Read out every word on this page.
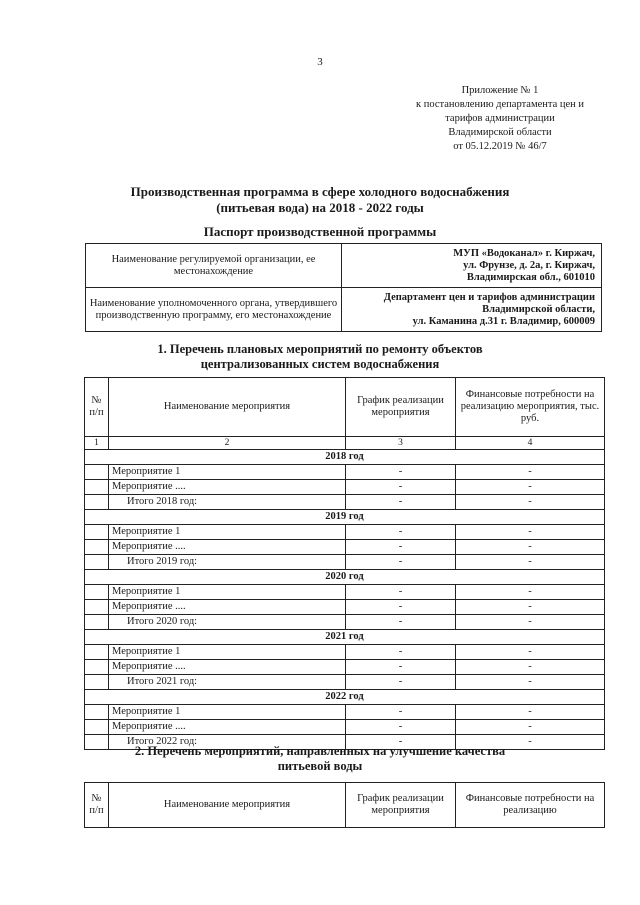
3
Приложение № 1
к постановлению департамента цен и
тарифов администрации
Владимирской области
от 05.12.2019 № 46/7
Производственная программа в сфере холодного водоснабжения
(питьевая вода) на 2018 - 2022 годы
Паспорт производственной программы
Наименование регулируемой организации, ее местонахождение	МУП «Водоканал» г. Киржач,
ул. Фрунзе, д. 2а, г. Киржач,
Владимирская обл., 601010

Наименование уполномоченного органа, утвердившего производственную программу, его местонахождение	Департамент цен и тарифов администрации
Владимирской области,
ул. Каманина д.31 г. Владимир, 600009
1. Перечень плановых мероприятий по ремонту объектов
централизованных систем водоснабжения
№ п/п	Наименование мероприятия	График реализации мероприятия	Финансовые потребности на реализацию мероприятия, тыс. руб.
1	2	3	4
2018 год			
	Мероприятие 1	-	-
	Мероприятие ....	-	-
	Итого 2018 год:	-	-
2019 год			
	Мероприятие 1	-	-
	Мероприятие ....	-	-
	Итого 2019 год:	-	-
2020 год			
	Мероприятие 1	-	-
	Мероприятие ....	-	-
	Итого 2020 год:	-	-
2021 год			
	Мероприятие 1	-	-
	Мероприятие ....	-	-
	Итого 2021 год:	-	-
2022 год			
	Мероприятие 1	-	-
	Мероприятие ....	-	-
	Итого 2022 год:	-	-
2. Перечень мероприятий, направленных на улучшение качества
питьевой воды
№ п/п	Наименование мероприятия	График реализации мероприятия	Финансовые потребности на реализацию
